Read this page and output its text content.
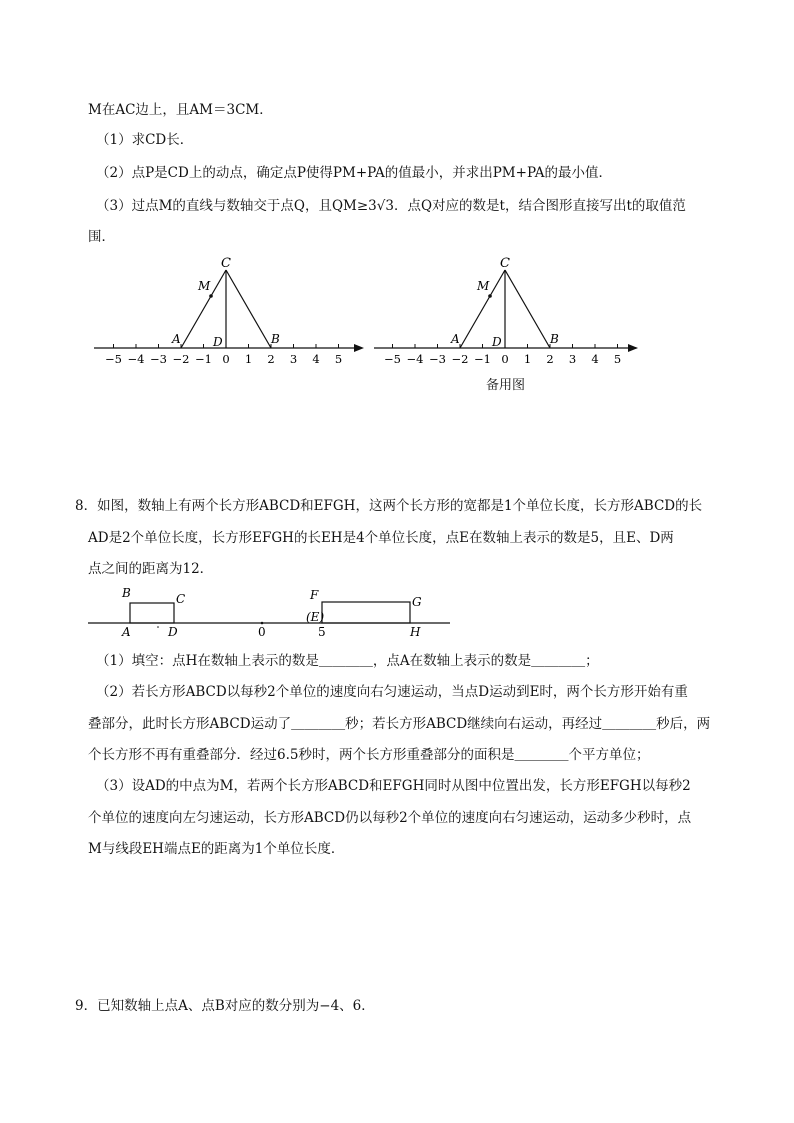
M在AC边上，且AM＝3CM．
（1）求CD长．
（2）点P是CD上的动点，确定点P使得PM+PA的值最小，并求出PM+PA的最小值．
（3）过点M的直线与数轴交于点Q，且QM≥3√3．点Q对应的数是t，结合图形直接写出t的取值范
围．
−5 −4 −3 −2 −1 0 1 2 3 4 5
C
M
A	D	B
−5 −4 −3 −2 −1 0 1 2 3 4 5
C
M
A	D	B
备用图
8．如图，数轴上有两个长方形ABCD和EFGH，这两个长方形的宽都是1个单位长度，长方形ABCD的长
AD是2个单位长度，长方形EFGH的长EH是4个单位长度，点E在数轴上表示的数是5，且E、D两
点之间的距离为12．
B	C
A	D	0
F	G
(E)
5	H
（1）填空：点H在数轴上表示的数是＿＿＿＿，点A在数轴上表示的数是＿＿＿＿；
（2）若长方形ABCD以每秒2个单位的速度向右匀速运动，当点D运动到E时，两个长方形开始有重
叠部分，此时长方形ABCD运动了＿＿＿＿秒；若长方形ABCD继续向右运动，再经过＿＿＿＿秒后，两
个长方形不再有重叠部分．经过6.5秒时，两个长方形重叠部分的面积是＿＿＿＿个平方单位；
（3）设AD的中点为M，若两个长方形ABCD和EFGH同时从图中位置出发，长方形EFGH以每秒2
个单位的速度向左匀速运动，长方形ABCD仍以每秒2个单位的速度向右匀速运动，运动多少秒时，点
M与线段EH端点E的距离为1个单位长度．
9．已知数轴上点A、点B对应的数分别为−4、6．
